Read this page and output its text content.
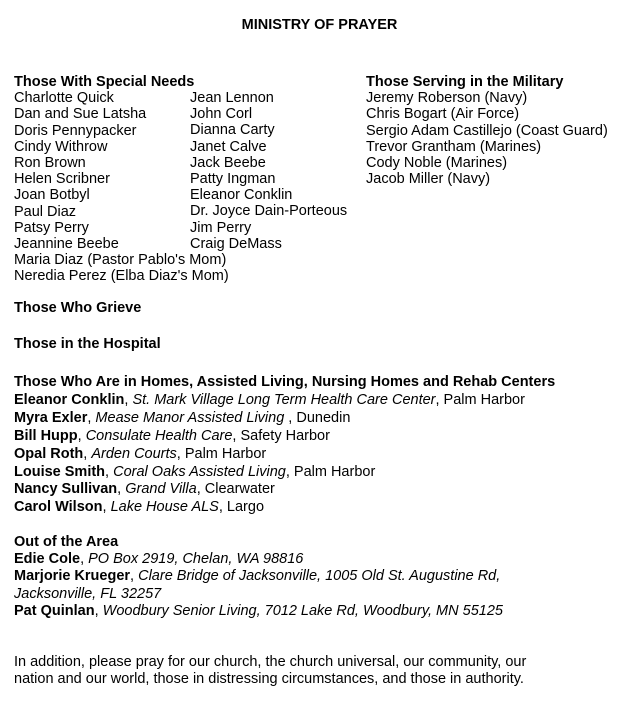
MINISTRY OF PRAYER
Those With Special Needs
Charlotte Quick
Dan and Sue Latsha
Doris Pennypacker
Cindy Withrow
Ron Brown
Helen Scribner
Joan Botbyl
Paul Diaz
Patsy Perry
Jeannine Beebe
Maria Diaz (Pastor Pablo's Mom)
Neredia Perez (Elba Diaz's Mom)
Jean Lennon
John Corl
Dianna Carty
Janet Calve
Jack Beebe
Patty Ingman
Eleanor Conklin
Dr. Joyce Dain-Porteous
Jim Perry
Craig DeMass
Those Serving in the Military
Jeremy Roberson (Navy)
Chris Bogart (Air Force)
Sergio Adam Castillejo (Coast Guard)
Trevor Grantham (Marines)
Cody Noble (Marines)
Jacob Miller (Navy)
Those Who Grieve
Those in the Hospital
Those Who Are in Homes, Assisted Living, Nursing Homes and Rehab Centers
Eleanor Conklin, St. Mark Village Long Term Health Care Center, Palm Harbor
Myra Exler, Mease Manor Assisted Living , Dunedin
Bill Hupp, Consulate Health Care, Safety Harbor
Opal Roth, Arden Courts, Palm Harbor
Louise Smith, Coral Oaks Assisted Living, Palm Harbor
Nancy Sullivan, Grand Villa, Clearwater
Carol Wilson, Lake House ALS, Largo
Out of the Area
Edie Cole, PO Box 2919, Chelan, WA 98816
Marjorie Krueger, Clare Bridge of Jacksonville, 1005 Old St. Augustine Rd,
Jacksonville, FL 32257
Pat Quinlan, Woodbury Senior Living, 7012 Lake Rd, Woodbury, MN 55125
In addition, please pray for our church, the church universal, our community, our
nation and our world, those in distressing circumstances, and those in authority.
